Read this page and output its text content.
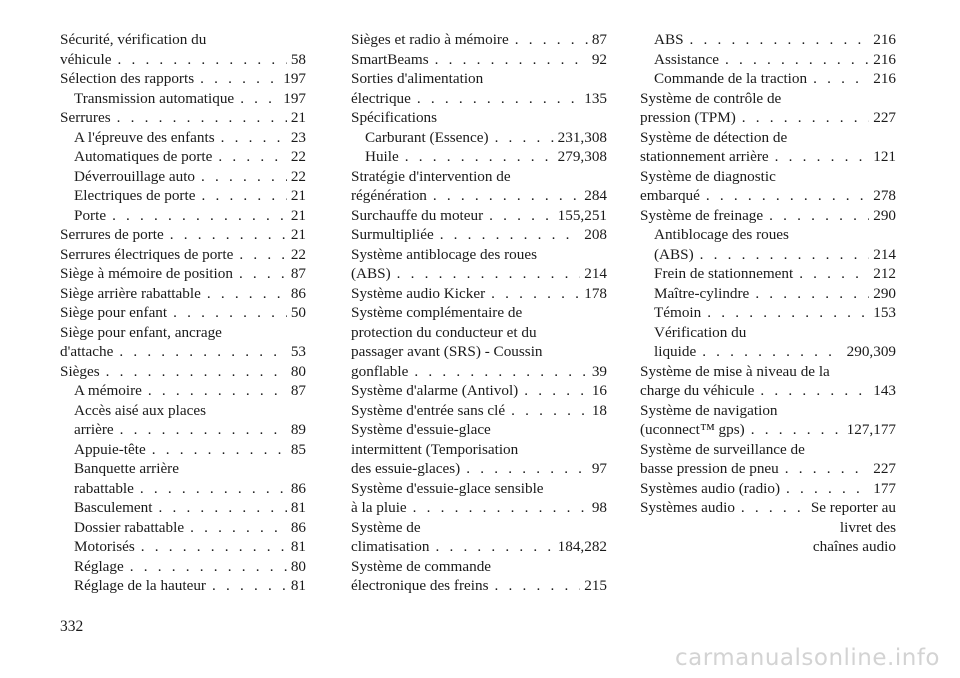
Sécurité, vérification du
véhicule . . .	58
Sélection des rapports . . .	197
Transmission automatique . . .	197
Serrures . . .	21
A l'épreuve des enfants . . .	23
Automatiques de porte . . .	22
Déverrouillage auto . . .	22
Electriques de porte . . .	21
Porte . . .	21
Serrures de porte . . .	21
Serrures électriques de porte . . .	22
Siège à mémoire de position . . .	87
Siège arrière rabattable . . .	86
Siège pour enfant . . .	50
Siège pour enfant, ancrage
d'attache . . .	53
Sièges . . .	80
A mémoire . . .	87
Accès aisé aux places
arrière . . .	89
Appuie-tête . . .	85
Banquette arrière
rabattable . . .	86
Basculement . . .	81
Dossier rabattable . . .	86
Motorisés . . .	81
Réglage . . .	80
Réglage de la hauteur . . .	81
Sièges et radio à mémoire . . .	87
SmartBeams . . .	92
Sorties d'alimentation
électrique . . .	135
Spécifications
Carburant (Essence) . . .	231,308
Huile . . .	279,308
Stratégie d'intervention de
régénération . . .	284
Surchauffe du moteur . . .	155,251
Surmultipliée . . .	208
Système antiblocage des roues
(ABS) . . .	214
Système audio Kicker . . .	178
Système complémentaire de
protection du conducteur et du
passager avant (SRS) - Coussin
gonflable . . .	39
Système d'alarme (Antivol) . . .	16
Système d'entrée sans clé . . .	18
Système d'essuie-glace
intermittent (Temporisation
des essuie-glaces) . . .	97
Système d'essuie-glace sensible
à la pluie . . .	98
Système de
climatisation . . .	184,282
Système de commande
électronique des freins . . .	215
ABS . . .	216
Assistance . . .	216
Commande de la traction . . .	216
Système de contrôle de
pression (TPM) . . .	227
Système de détection de
stationnement arrière . . .	121
Système de diagnostic
embarqué . . .	278
Système de freinage . . .	290
Antiblocage des roues
(ABS) . . .	214
Frein de stationnement . . .	212
Maître-cylindre . . .	290
Témoin . . .	153
Vérification du
liquide . . .	290,309
Système de mise à niveau de la
charge du véhicule . . .	143
Système de navigation
(uconnect™ gps) . . .	127,177
Système de surveillance de
basse pression de pneu . . .	227
Systèmes audio (radio) . . .	177
Systèmes audio . . .	Se reporter au
livret des
chaînes audio
332
carmanualsonline.info
